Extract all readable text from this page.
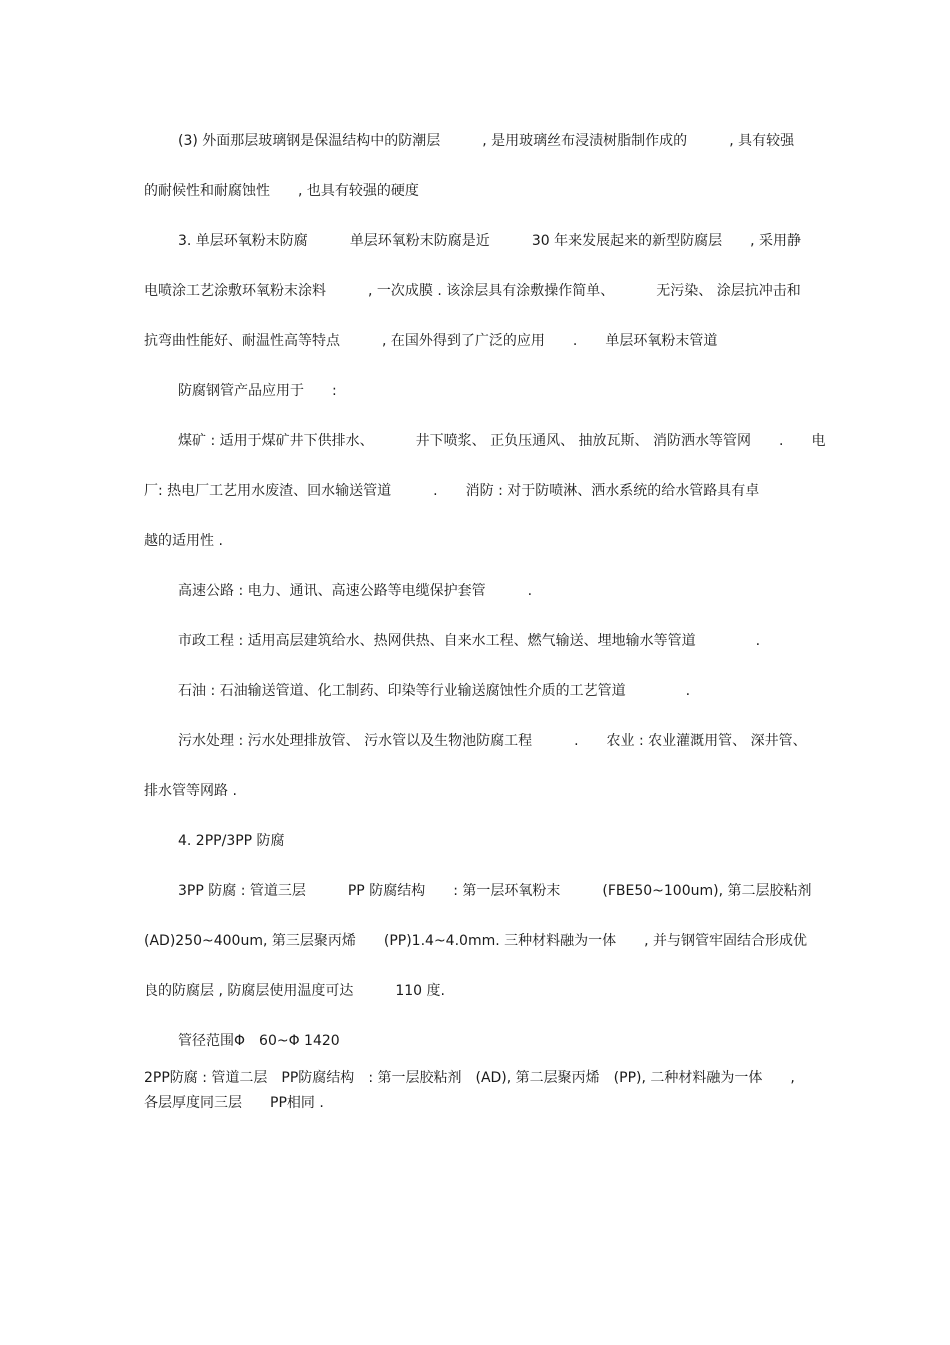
(3) 外面那层玻璃钢是保温结构中的防潮层	, 是用玻璃丝布浸渍树脂制作成的	, 具有较强
的耐候性和耐腐蚀性 , 也具有较强的硬度
3. 单层环氧粉末防腐	单层环氧粉末防腐是近	30 年来发展起来的新型防腐层 , 采用静
电喷涂工艺涂敷环氧粉末涂料	, 一次成膜 . 该涂层具有涂敷操作简单、	无污染、 涂层抗冲击和
抗弯曲性能好、耐温性高等特点	, 在国外得到了广泛的应用 . 单层环氧粉末管道
防腐钢管产品应用于 :
煤矿 : 适用于煤矿井下供排水、	井下喷浆、 正负压通风、 抽放瓦斯、 消防洒水等管网 . 电
厂: 热电厂工艺用水废渣、回水输送管道	. 消防 : 对于防喷淋、洒水系统的给水管路具有卓
越的适用性 .
高速公路 : 电力、通讯、高速公路等电缆保护套管	.
市政工程 : 适用高层建筑给水、热网供热、自来水工程、燃气输送、埋地输水等管道	.
石油 : 石油输送管道、化工制药、印染等行业输送腐蚀性介质的工艺管道	.
污水处理 : 污水处理排放管、 污水管以及生物池防腐工程	. 农业 : 农业灌溉用管、 深井管、
排水管等网路 .
4. 2PP/3PP 防腐
3PP 防腐 : 管道三层	PP 防腐结构 : 第一层环氧粉末	(FBE50~100um), 第二层胶粘剂
(AD)250~400um, 第三层聚丙烯 (PP)1.4~4.0mm. 三种材料融为一体 , 并与钢管牢固结合形成优
良的防腐层 , 防腐层使用温度可达	110 度.
管径范围Φ 60~Φ 1420
2PP防腐 : 管道二层 PP防腐结构 : 第一层胶粘剂 (AD), 第二层聚丙烯 (PP), 二种材料融为一体 ,
各层厚度同三层 PP相同 .
